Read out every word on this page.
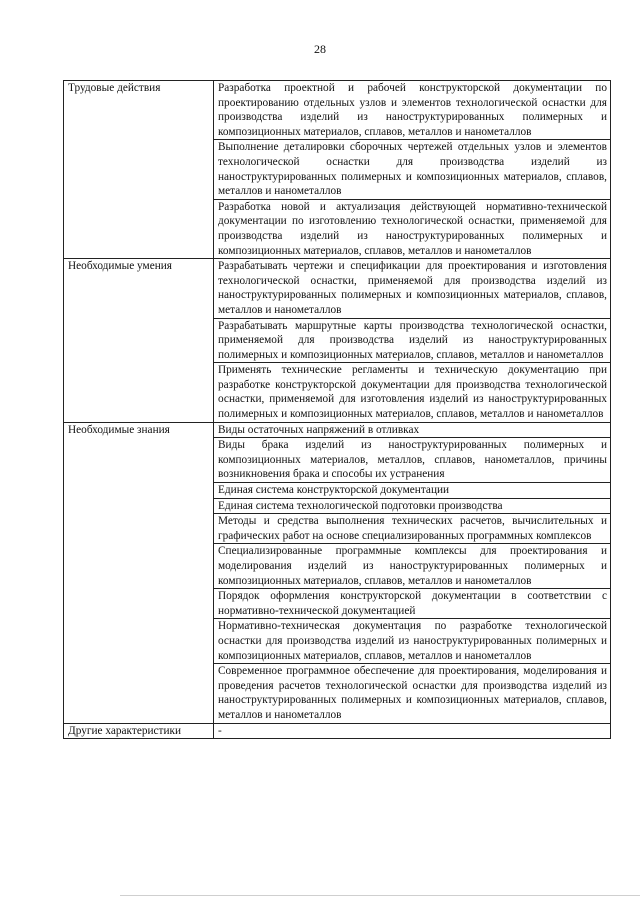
28
Трудовые действия	Разработка проектной и рабочей конструкторской документации по проектированию отдельных узлов и элементов технологической оснастки для производства изделий из наноструктурированных полимерных и композиционных материалов, сплавов, металлов и нанометаллов
	Выполнение деталировки сборочных чертежей отдельных узлов и элементов технологической оснастки для производства изделий из наноструктурированных полимерных и композиционных материалов, сплавов, металлов и нанометаллов
	Разработка новой и актуализация действующей нормативно-технической документации по изготовлению технологической оснастки, применяемой для производства изделий из наноструктурированных полимерных и композиционных материалов, сплавов, металлов и нанометаллов
Необходимые умения	Разрабатывать чертежи и спецификации для проектирования и изготовления технологической оснастки, применяемой для производства изделий из наноструктурированных полимерных и композиционных материалов, сплавов, металлов и нанометаллов
	Разрабатывать маршрутные карты производства технологической оснастки, применяемой для производства изделий из наноструктурированных полимерных и композиционных материалов, сплавов, металлов и нанометаллов
	Применять технические регламенты и техническую документацию при разработке конструкторской документации для производства технологической оснастки, применяемой для изготовления изделий из наноструктурированных полимерных и композиционных материалов, сплавов, металлов и нанометаллов
Необходимые знания	Виды остаточных напряжений в отливках
	Виды брака изделий из наноструктурированных полимерных и композиционных материалов, металлов, сплавов, нанометаллов, причины возникновения брака и способы их устранения
	Единая система конструкторской документации
	Единая система технологической подготовки производства
	Методы и средства выполнения технических расчетов, вычислительных и графических работ на основе специализированных программных комплексов
	Специализированные программные комплексы для проектирования и моделирования изделий из наноструктурированных полимерных и композиционных материалов, сплавов, металлов и нанометаллов
	Порядок оформления конструкторской документации в соответствии с нормативно-технической документацией
	Нормативно-техническая документация по разработке технологической оснастки для производства изделий из наноструктурированных полимерных и композиционных материалов, сплавов, металлов и нанометаллов
	Современное программное обеспечение для проектирования, моделирования и проведения расчетов технологической оснастки для производства изделий из наноструктурированных полимерных и композиционных материалов, сплавов, металлов и нанометаллов
Другие характеристики	-
